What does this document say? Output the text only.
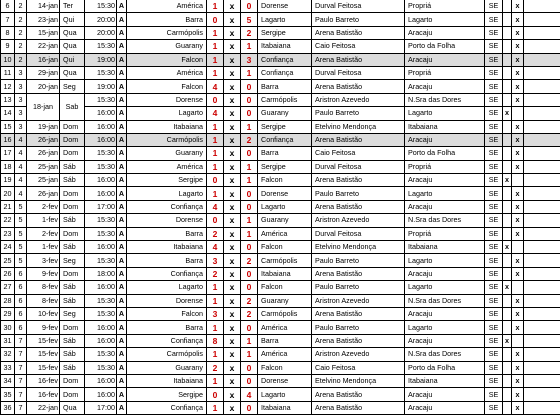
6	2	14-jan	Ter	15:30	A	América	1	x	0	Dorense	Durval Feitosa	Propriá	SE		x	
7	2	23-jan	Qui	20:00	A	Barra	0	x	5	Lagarto	Paulo Barreto	Lagarto	SE		x	
8	2	15-jan	Qua	20:00	A	Carmópolis	1	x	2	Sergipe	Arena Batistão	Aracaju	SE		x	
9	2	22-jan	Qua	15:30	A	Guarany	1	x	1	Itabaiana	Caio Feitosa	Porto da Folha	SE		x	
10	2	16-jan	Qui	19:00	A	Falcon	1	x	3	Confiança	Arena Batistão	Aracaju	SE		x	
11	3	29-jan	Qua	15:30	A	América	1	x	1	Confiança	Durval Feitosa	Propriá	SE		x	
12	3	20-jan	Seg	19:00	A	Falcon	4	x	0	Barra	Arena Batistão	Aracaju	SE		x	
13	3	18-jan	Sab	15:30	A	Dorense	0	x	0	Carmópolis	Aristron Azevedo	N.Sra das Dores	SE		x	
14	3			16:00	A	Lagarto	4	x	0	Guarany	Paulo Barreto	Lagarto	SE	x		
15	3	19-jan	Dom	16:00	A	Itabaiana	1	x	1	Sergipe	Etelvino Mendonça	Itabaiana	SE		x	
16	4	26-jan	Dom	16:00	A	Carmópolis	1	x	2	Confiança	Arena Batistão	Aracaju	SE		x	
17	4	26-jan	Dom	15:30	A	Guarany	1	x	0	Barra	Caio Feitosa	Porto da Folha	SE		x	
18	4	25-jan	Sáb	15:30	A	América	1	x	1	Sergipe	Durval Feitosa	Propriá	SE		x	
19	4	25-jan	Sáb	16:00	A	Sergipe	0	x	1	Falcon	Arena Batistão	Aracaju	SE	x		
20	4	26-jan	Dom	16:00	A	Lagarto	1	x	0	Dorense	Paulo Barreto	Lagarto	SE		x	
21	5	2-fev	Dom	17:00	A	Confiança	4	x	0	Lagarto	Arena Batistão	Aracaju	SE		x	
22	5	1-fev	Sáb	15:30	A	Dorense	0	x	1	Guarany	Aristron Azevedo	N.Sra das Dores	SE		x	
23	5	2-fev	Dom	15:30	A	Barra	2	x	1	América	Durval Feitosa	Propriá	SE		x	
24	5	1-fev	Sáb	16:00	A	Itabaiana	4	x	0	Falcon	Etelvino Mendonça	Itabaiana	SE	x		
25	5	3-fev	Seg	15:30	A	Barra	3	x	2	Carmópolis	Paulo Barreto	Lagarto	SE		x	
26	6	9-fev	Dom	18:00	A	Confiança	2	x	0	Itabaiana	Arena Batistão	Aracaju	SE		x	
27	6	8-fev	Sáb	16:00	A	Lagarto	1	x	0	Falcon	Paulo Barreto	Lagarto	SE	x		
28	6	8-fev	Sáb	15:30	A	Dorense	1	x	2	Guarany	Aristron Azevedo	N.Sra das Dores	SE		x	
29	6	10-fev	Seg	15:30	A	Falcon	3	x	2	Carmópolis	Arena Batistão	Aracaju	SE		x	
30	6	9-fev	Dom	16:00	A	Barra	1	x	0	América	Paulo Barreto	Lagarto	SE		x	
31	7	15-fev	Sáb	16:00	A	Confiança	8	x	1	Barra	Arena Batistão	Aracaju	SE	x		
32	7	15-fev	Sáb	15:30	A	Carmópolis	1	x	1	América	Aristron Azevedo	N.Sra das Dores	SE		x	
33	7	15-fev	Sáb	15:30	A	Guarany	2	x	0	Falcon	Caio Feitosa	Porto da Folha	SE		x	
34	7	16-fev	Dom	16:00	A	Itabaiana	1	x	0	Dorense	Etelvino Mendonça	Itabaiana	SE		x	
35	7	16-fev	Dom	16:00	A	Sergipe	0	x	4	Lagarto	Arena Batistão	Aracaju	SE		x	
36	7	22-jan	Qua	17:00	A	Confiança	1	x	0	Itabaiana	Arena Batistão	Aracaju	SE		x	
